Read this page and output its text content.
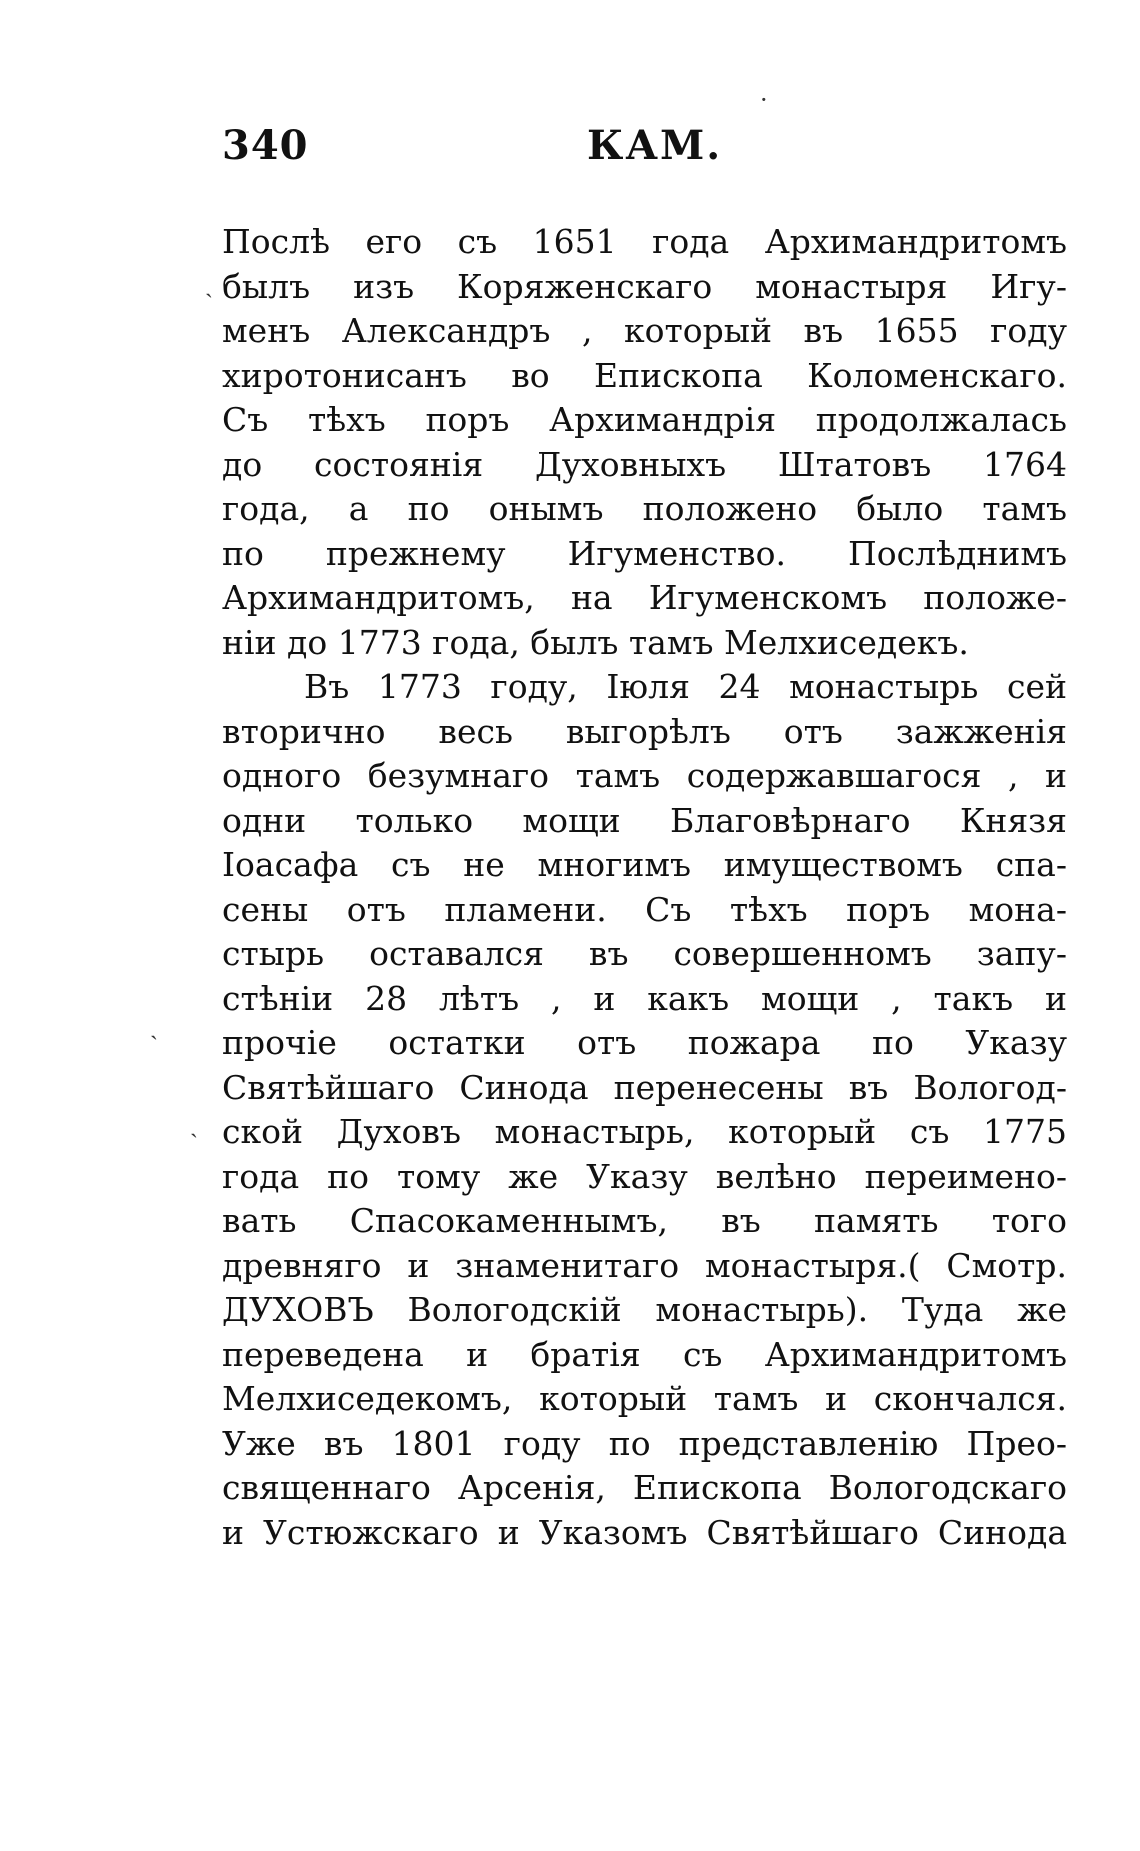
340	КАМ.
ˏ
ˏ
ˏ
·
Послѣ его съ 1651 года Архимандритомъ
былъ изъ Коряженскаго монастыря Игу-
менъ Александръ , который въ 1655 году
хиротонисанъ во Епископа Коломенскаго.
Съ тѣхъ поръ Архимандрія продолжалась
до состоянія Духовныхъ Штатовъ 1764
года, а по онымъ положено было тамъ
по прежнему Игуменство. Послѣднимъ
Архимандритомъ, на Игуменскомъ положе-
ніи до 1773 года, былъ тамъ Мелхиседекъ.
Въ 1773 году, Іюля 24 монастырь сей
вторично весь выгорѣлъ отъ зажженія
одного безумнаго тамъ содержавшагося , и
одни только мощи Благовѣрнаго Князя
Іоасафа съ не многимъ имуществомъ спа-
сены отъ пламени. Съ тѣхъ поръ мона-
стырь оставался въ совершенномъ запу-
стѣніи 28 лѣтъ , и какъ мощи , такъ и
прочіе остатки отъ пожара по Указу
Святѣйшаго Синода перенесены въ Вологод-
ской Духовъ монастырь, который съ 1775
года по тому же Указу велѣно переимено-
вать Спасокаменнымъ, въ память того
древняго и знаменитаго монастыря.( Смотр.
ДУХОВЪ Вологодскій монастырь). Туда же
переведена и братія съ Архимандритомъ
Мелхиседекомъ, который тамъ и скончался.
Уже въ 1801 году по представленію Прео-
священнаго Арсенія, Епископа Вологодскаго
и Устюжскаго и Указомъ Святѣйшаго Синода
